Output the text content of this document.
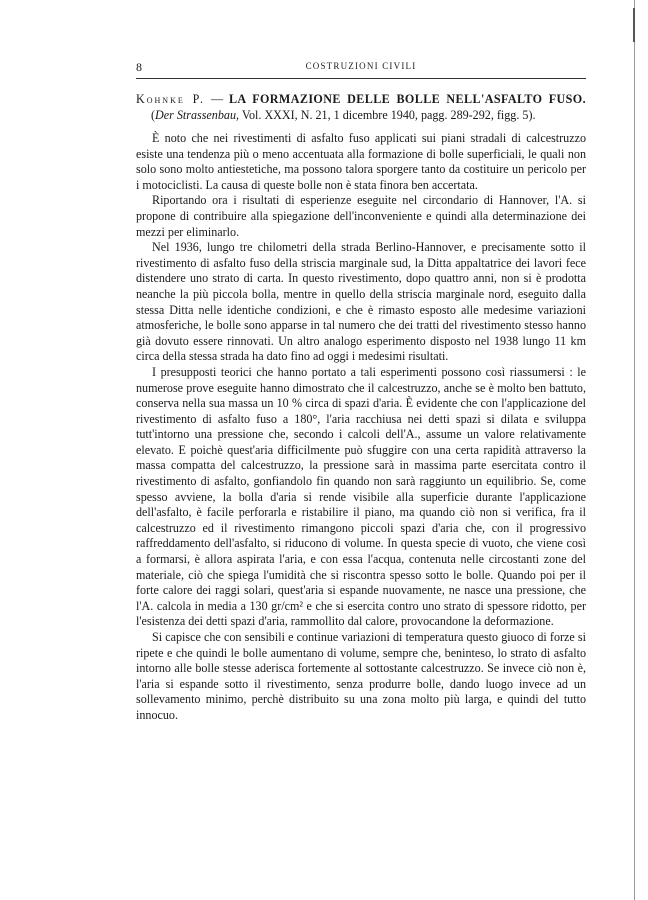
8	COSTRUZIONI CIVILI

Kohnke P. — LA FORMAZIONE DELLE BOLLE NELL'ASFALTO FUSO. (Der Strassenbau, Vol. XXXI, N. 21, 1 dicembre 1940, pagg. 289-292, figg. 5).

È noto che nei rivestimenti di asfalto fuso applicati sui piani stradali di calcestruzzo esiste una tendenza più o meno accentuata alla formazione di bolle superficiali, le quali non solo sono molto antiestetiche, ma possono talora sporgere tanto da costituire un pericolo per i motociclisti. La causa di queste bolle non è stata finora ben accertata.

Riportando ora i risultati di esperienze eseguite nel circondario di Hannover, l'A. si propone di contribuire alla spiegazione dell'inconveniente e quindi alla determinazione dei mezzi per eliminarlo.

Nel 1936, lungo tre chilometri della strada Berlino-Hannover, e precisamente sotto il rivestimento di asfalto fuso della striscia marginale sud, la Ditta appaltatrice dei lavori fece distendere uno strato di carta. In questo rivestimento, dopo quattro anni, non si è prodotta neanche la più piccola bolla, mentre in quello della striscia marginale nord, eseguito dalla stessa Ditta nelle identiche condizioni, e che è rimasto esposto alle medesime variazioni atmosferiche, le bolle sono apparse in tal numero che dei tratti del rivestimento stesso hanno già dovuto essere rinnovati. Un altro analogo esperimento disposto nel 1938 lungo 11 km circa della stessa strada ha dato fino ad oggi i medesimi risultati.

I presupposti teorici che hanno portato a tali esperimenti possono così riassumersi : le numerose prove eseguite hanno dimostrato che il calcestruzzo, anche se è molto ben battuto, conserva nella sua massa un 10 % circa di spazi d'aria. È evidente che con l'applicazione del rivestimento di asfalto fuso a 180°, l'aria racchiusa nei detti spazi si dilata e sviluppa tutt'intorno una pressione che, secondo i calcoli dell'A., assume un valore relativamente elevato. E poichè quest'aria difficilmente può sfuggire con una certa rapidità attraverso la massa compatta del calcestruzzo, la pressione sarà in massima parte esercitata contro il rivestimento di asfalto, gonfiandolo fin quando non sarà raggiunto un equilibrio. Se, come spesso avviene, la bolla d'aria si rende visibile alla superficie durante l'applicazione dell'asfalto, è facile perforarla e ristabilire il piano, ma quando ciò non si verifica, fra il calcestruzzo ed il rivestimento rimangono piccoli spazi d'aria che, con il progressivo raffreddamento dell'asfalto, si riducono di volume. In questa specie di vuoto, che viene così a formarsi, è allora aspirata l'aria, e con essa l'acqua, contenuta nelle circostanti zone del materiale, ciò che spiega l'umidità che si riscontra spesso sotto le bolle. Quando poi per il forte calore dei raggi solari, quest'aria si espande nuovamente, ne nasce una pressione, che l'A. calcola in media a 130 gr/cm² e che si esercita contro uno strato di spessore ridotto, per l'esistenza dei detti spazi d'aria, rammollito dal calore, provocandone la deformazione.

Si capisce che con sensibili e continue variazioni di temperatura questo giuoco di forze si ripete e che quindi le bolle aumentano di volume, sempre che, beninteso, lo strato di asfalto intorno alle bolle stesse aderisca fortemente al sottostante calcestruzzo. Se invece ciò non è, l'aria si espande sotto il rivestimento, senza produrre bolle, dando luogo invece ad un sollevamento minimo, perchè distribuito su una zona molto più larga, e quindi del tutto innocuo.
